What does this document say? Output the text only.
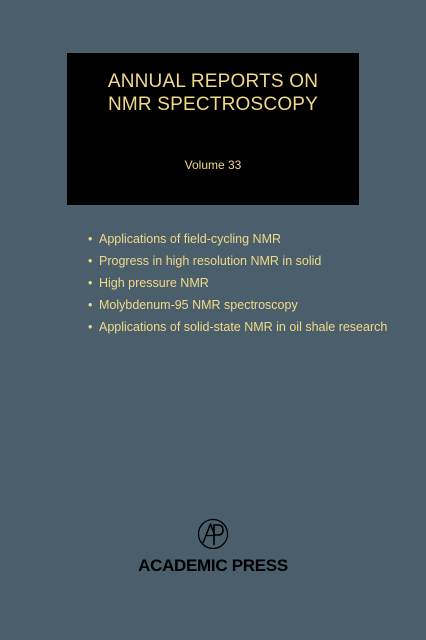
ANNUAL REPORTS ON
NMR SPECTROSCOPY
Volume 33
• Applications of field-cycling NMR
• Progress in high resolution NMR in solid
• High pressure NMR
• Molybdenum-95 NMR spectroscopy
• Applications of solid-state NMR in oil shale research
ACADEMIC PRESS
